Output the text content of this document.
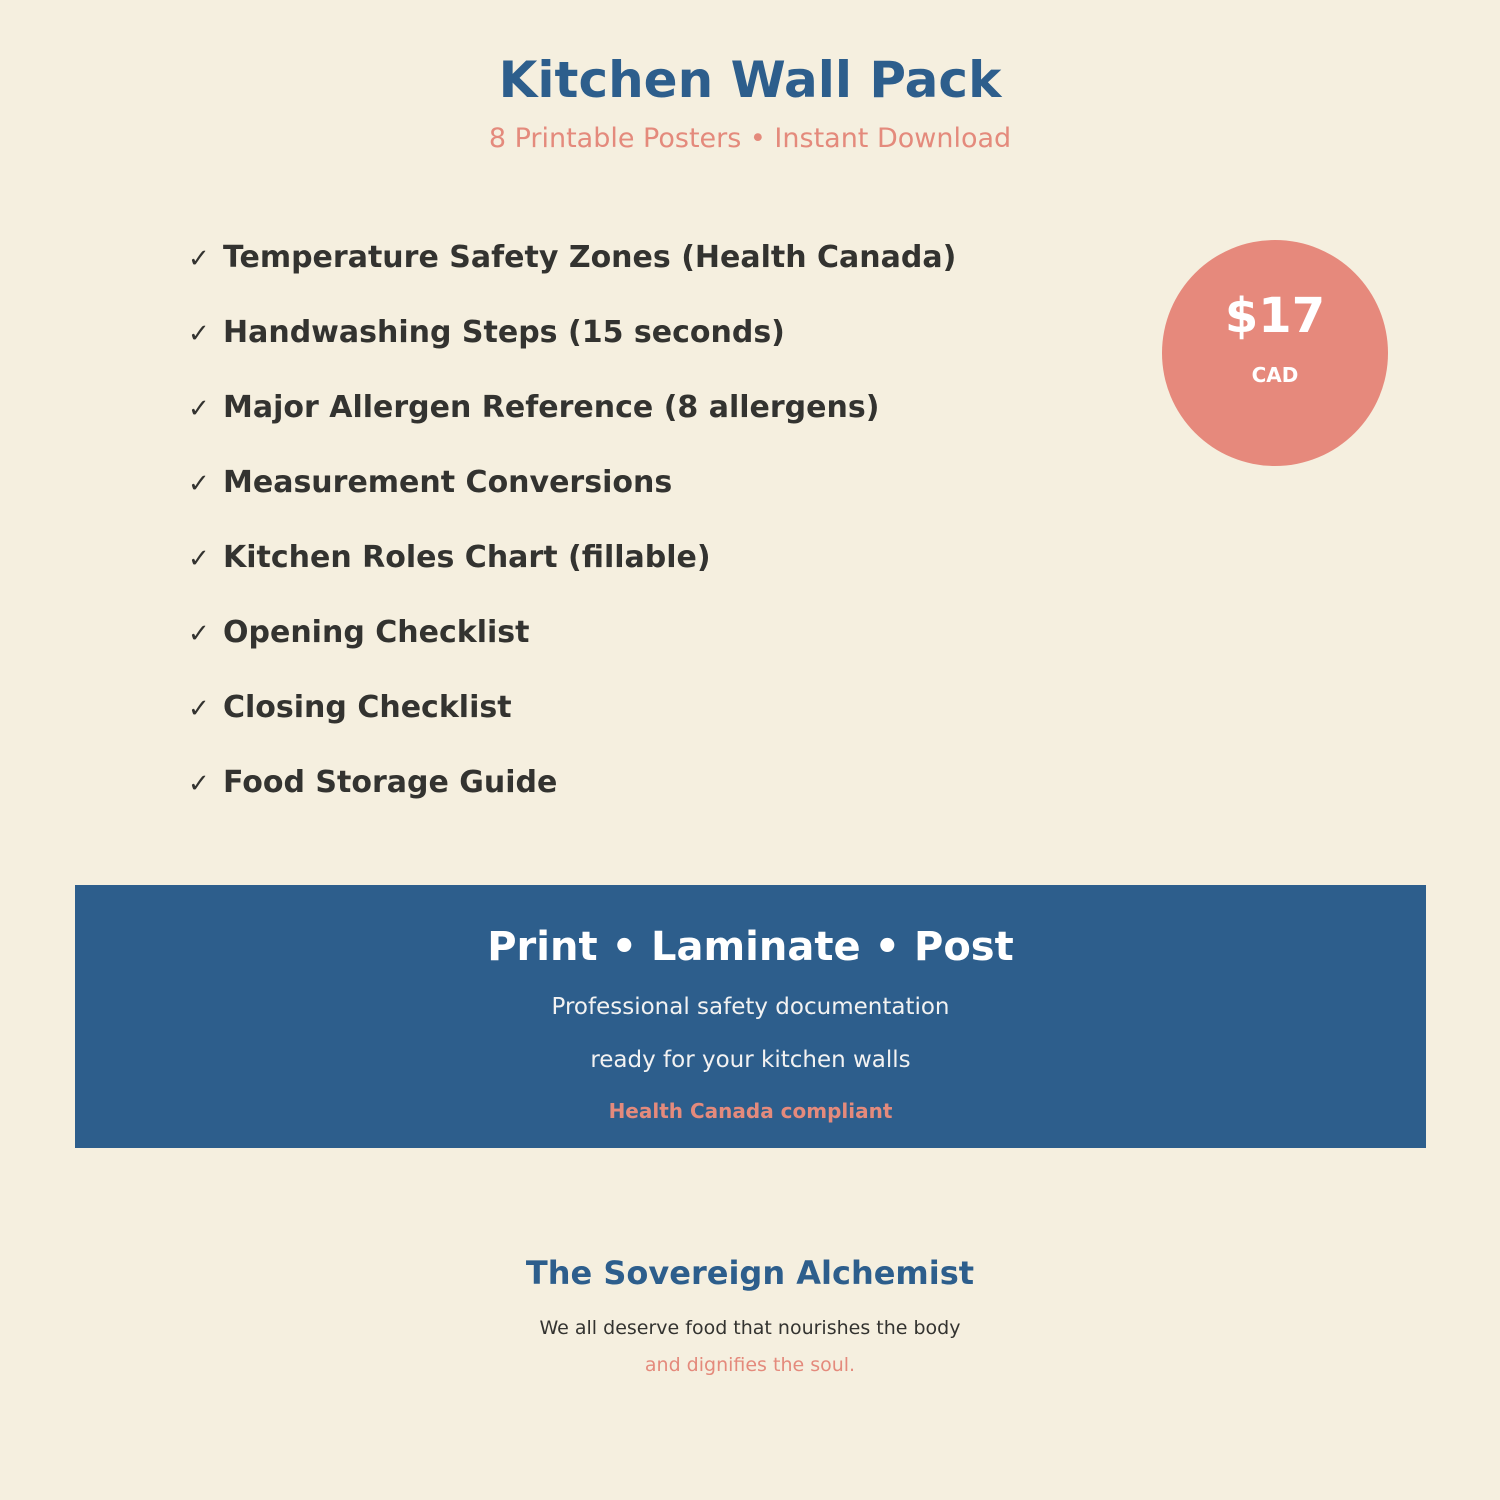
Kitchen Wall Pack
8 Printable Posters • Instant Download
✓ Temperature Safety Zones (Health Canada)
✓ Handwashing Steps (15 seconds)
✓ Major Allergen Reference (8 allergens)
✓ Measurement Conversions
✓ Kitchen Roles Chart (fillable)
✓ Opening Checklist
✓ Closing Checklist
✓ Food Storage Guide
$17
CAD
Print • Laminate • Post
Professional safety documentation
ready for your kitchen walls
Health Canada compliant
The Sovereign Alchemist
We all deserve food that nourishes the body
and dignifies the soul.
